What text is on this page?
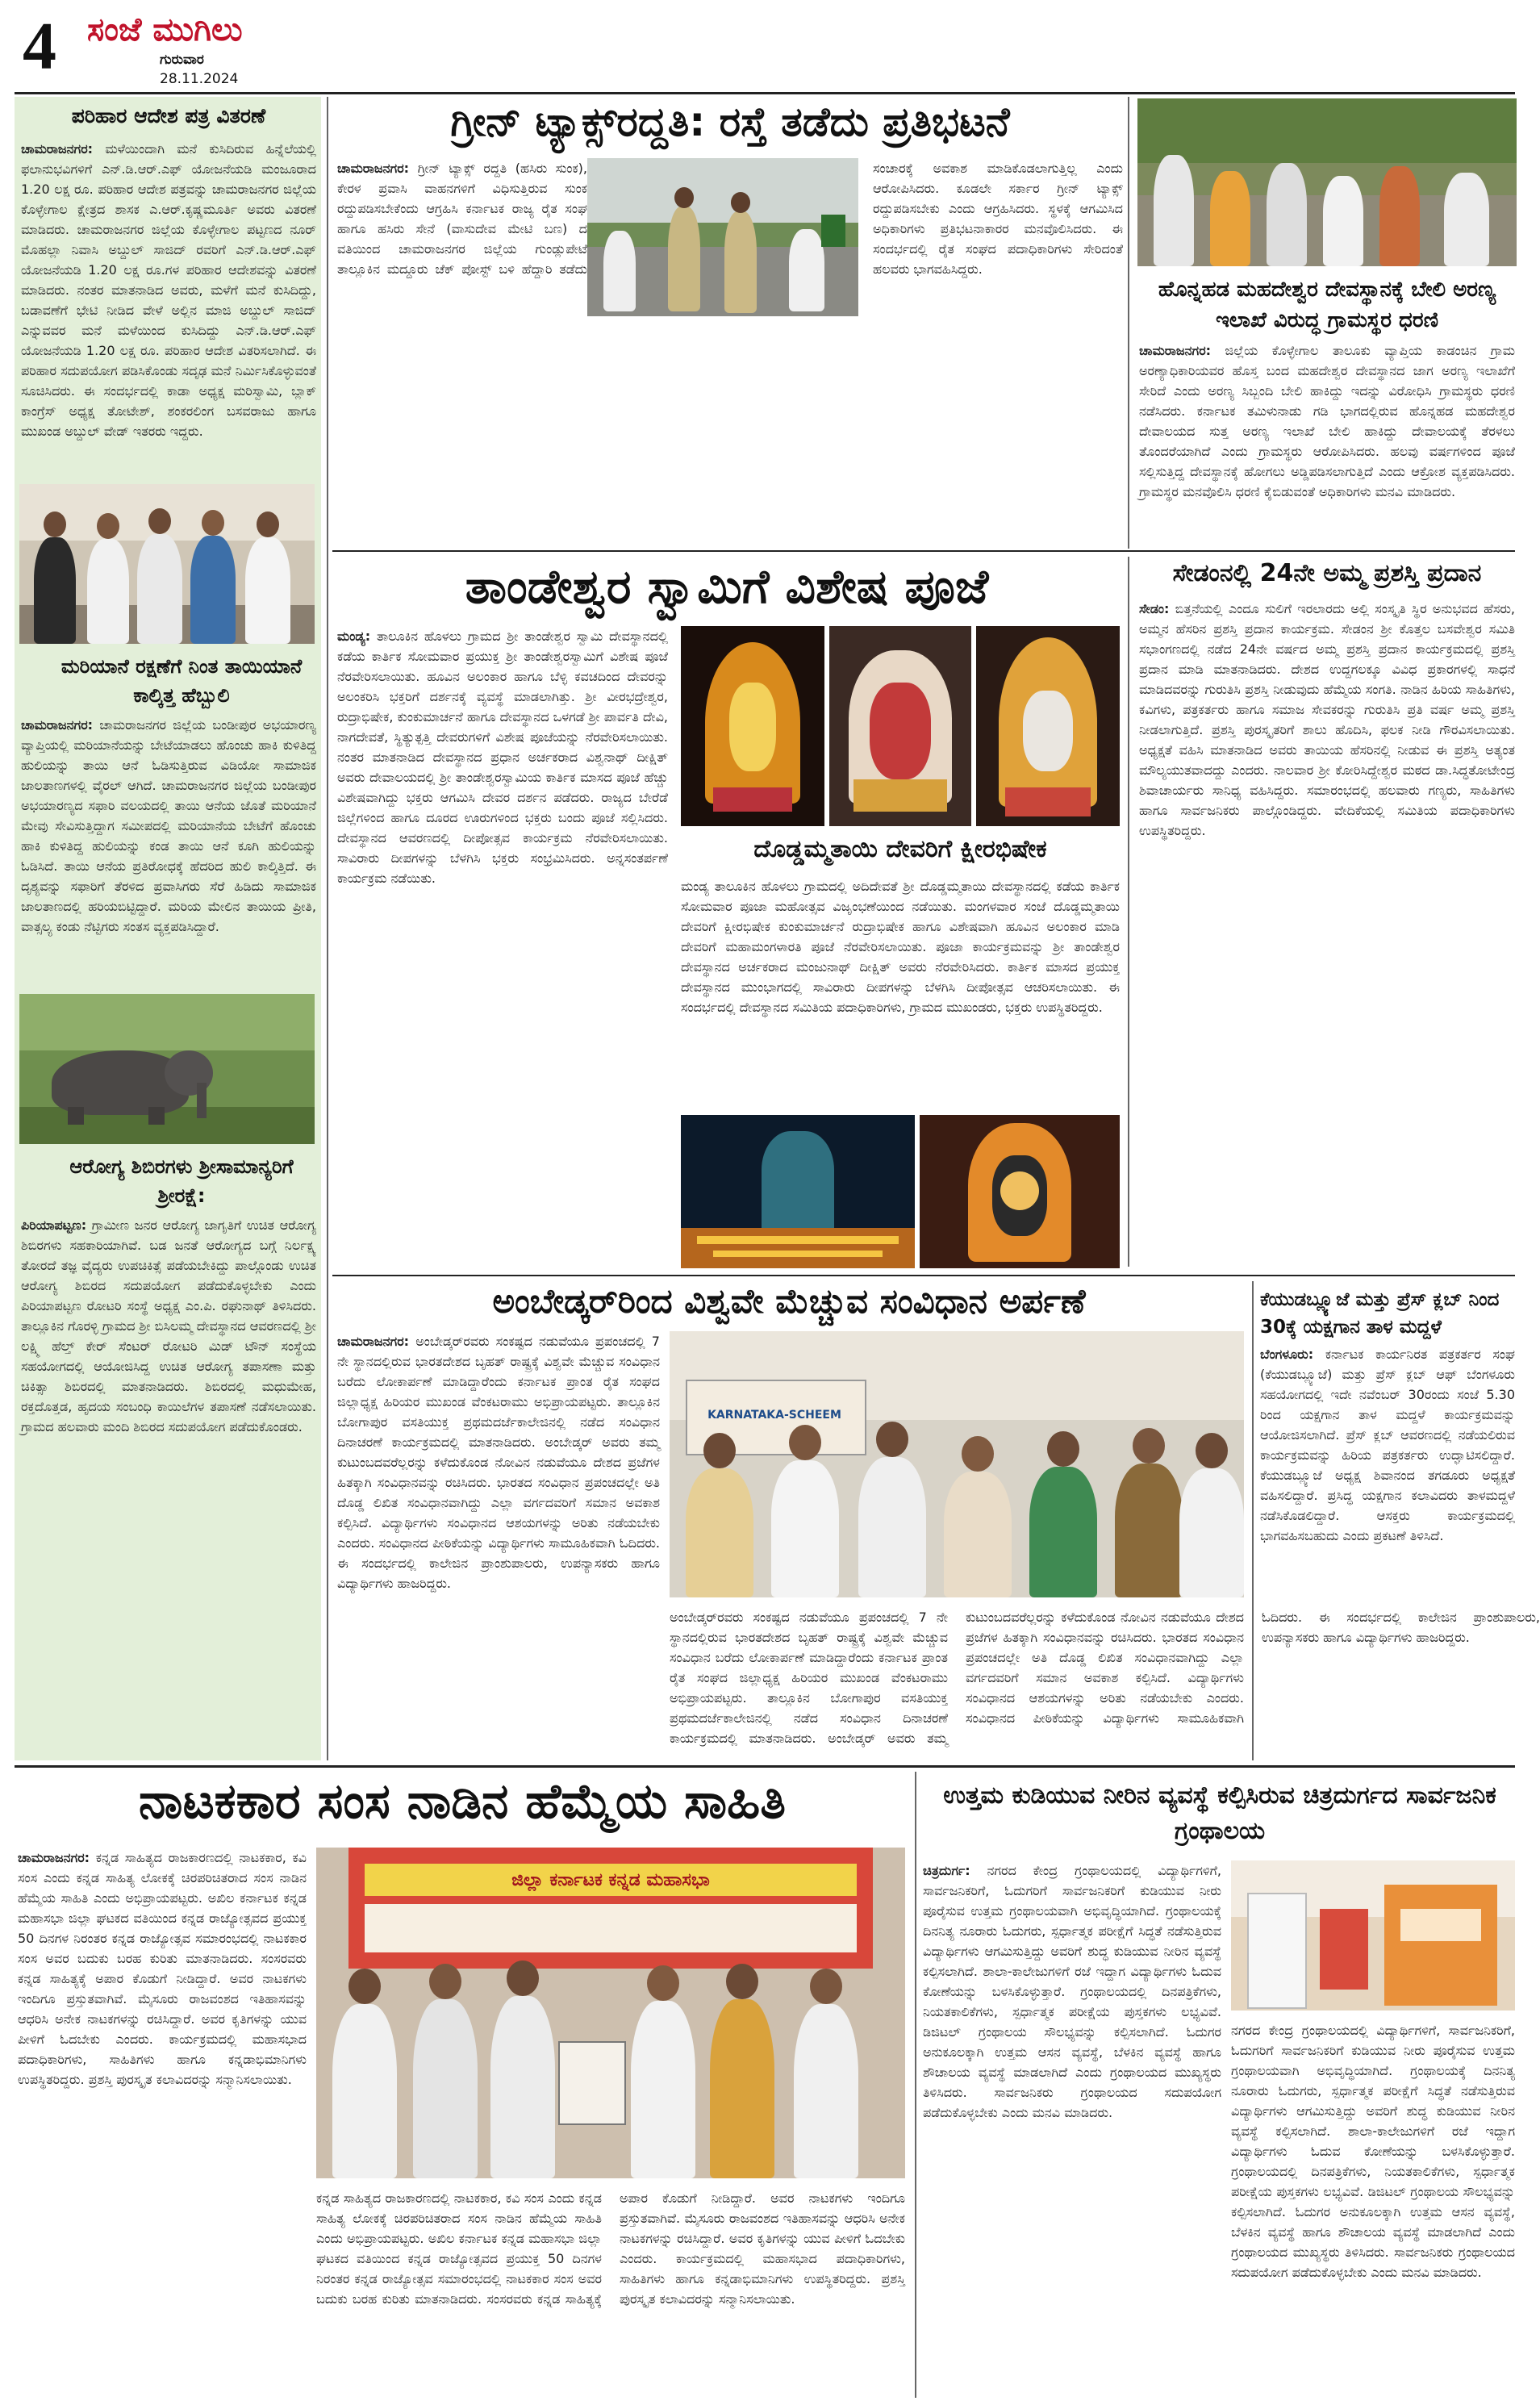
4 ಸಂಜೆ ಮುಗಿಲು
ಗುರುವಾರ
28.11.2024
ಪರಿಹಾರ ಆದೇಶ ಪತ್ರ ವಿತರಣೆ
ಚಾಮರಾಜನಗರ: ಮಳೆಯಿಂದಾಗಿ ಮನೆ ಕುಸಿದಿರುವ ಹಿನ್ನೆಲೆಯಲ್ಲಿ ಫಲಾನುಭವಿಗಳಿಗೆ ಎನ್.ಡಿ.ಆರ್.ಎಫ್ ಯೋಜನೆಯಡಿ ಮಂಜೂರಾದ 1.20 ಲಕ್ಷ ರೂ. ಪರಿಹಾರ ಆದೇಶ ಪತ್ರವನ್ನು ಚಾಮರಾಜನಗರ ಜಿಲ್ಲೆಯ ಕೊಳ್ಳೇಗಾಲ ಕ್ಷೇತ್ರದ ಶಾಸಕ ಎ.ಆರ್.ಕೃಷ್ಣಮೂರ್ತಿ ಅವರು ವಿತರಣೆ ಮಾಡಿದರು. ಚಾಮರಾಜನಗರ ಜಿಲ್ಲೆಯ ಕೊಳ್ಳೇಗಾಲ ಪಟ್ಟಣದ ನೂರ್ ಮೊಹಲ್ಲಾ ನಿವಾಸಿ ಅಬ್ದುಲ್ ಸಾಜಿದ್ ರವರಿಗೆ ಎನ್.ಡಿ.ಆರ್.ಎಫ್ ಯೋಜನೆಯಡಿ 1.20 ಲಕ್ಷ ರೂ.ಗಳ ಪರಿಹಾರ ಆದೇಶವನ್ನು ವಿತರಣೆ ಮಾಡಿದರು. ನಂತರ ಮಾತನಾಡಿದ ಅವರು, ಮಳೆಗೆ ಮನೆ ಕುಸಿದಿದ್ದು, ಬಡಾವಣೆಗೆ ಭೇಟಿ ನೀಡಿದ ವೇಳೆ ಅಲ್ಲಿನ ಮಾಜಿ ಅಬ್ದುಲ್ ಸಾಜಿದ್ ಎನ್ನುವವರ ಮನೆ ಮಳೆಯಿಂದ ಕುಸಿದಿದ್ದು ಎನ್.ಡಿ.ಆರ್.ಎಫ್ ಯೋಜನೆಯಡಿ 1.20 ಲಕ್ಷ ರೂ. ಪರಿಹಾರ ಆದೇಶ ವಿತರಿಸಲಾಗಿದೆ. ಈ ಪರಿಹಾರ ಸದುಪಯೋಗ ಪಡಿಸಿಕೊಂಡು ಸದೃಢ ಮನೆ ನಿರ್ಮಿಸಿಕೊಳ್ಳುವಂತೆ ಸೂಚಿಸಿದರು. ಈ ಸಂದರ್ಭದಲ್ಲಿ ಕಾಡಾ ಅಧ್ಯಕ್ಷ ಮರಿಸ್ವಾಮಿ, ಬ್ಲಾಕ್ ಕಾಂಗ್ರೆಸ್ ಅಧ್ಯಕ್ಷ ತೋಟೇಶ್, ಶಂಕರಲಿಂಗ ಬಸವರಾಜು ಹಾಗೂ ಮುಖಂಡ ಅಬ್ದುಲ್ ವೇಡ್ ಇತರರು ಇದ್ದರು.
ಮರಿಯಾನೆ ರಕ್ಷಣೆಗೆ ನಿಂತ ತಾಯಿಯಾನೆ ಕಾಲ್ಕಿತ್ತ ಹೆಬ್ಬುಲಿ
ಚಾಮರಾಜನಗರ: ಚಾಮರಾಜನಗರ ಜಿಲ್ಲೆಯ ಬಂಡೀಪುರ ಅಭಯಾರಣ್ಯ ವ್ಯಾಪ್ತಿಯಲ್ಲಿ ಮರಿಯಾನೆಯನ್ನು ಬೇಟೆಯಾಡಲು ಹೊಂಚು ಹಾಕಿ ಕುಳಿತಿದ್ದ ಹುಲಿಯನ್ನು ತಾಯಿ ಆನೆ ಓಡಿಸುತ್ತಿರುವ ವಿಡಿಯೋ ಸಾಮಾಜಿಕ ಜಾಲತಾಣಗಳಲ್ಲಿ ವೈರಲ್ ಆಗಿದೆ. ಚಾಮರಾಜನಗರ ಜಿಲ್ಲೆಯ ಬಂಡೀಪುರ ಅಭಯಾರಣ್ಯದ ಸಫಾರಿ ವಲಯದಲ್ಲಿ ತಾಯಿ ಆನೆಯ ಜೊತೆ ಮರಿಯಾನೆ ಮೇವು ಸೇವಿಸುತ್ತಿದ್ದಾಗ ಸಮೀಪದಲ್ಲಿ ಮರಿಯಾನೆಯ ಬೇಟೆಗೆ ಹೊಂಚು ಹಾಕಿ ಕುಳಿತಿದ್ದ ಹುಲಿಯನ್ನು ಕಂಡ ತಾಯಿ ಆನೆ ಕೂಗಿ ಹುಲಿಯನ್ನು ಓಡಿಸಿದೆ. ತಾಯಿ ಆನೆಯ ಪ್ರತಿರೋಧಕ್ಕೆ ಹೆದರಿದ ಹುಲಿ ಕಾಲ್ಕಿತ್ತಿದೆ. ಈ ದೃಶ್ಯವನ್ನು ಸಫಾರಿಗೆ ತೆರಳಿದ ಪ್ರವಾಸಿಗರು ಸೆರೆ ಹಿಡಿದು ಸಾಮಾಜಿಕ ಜಾಲತಾಣದಲ್ಲಿ ಹರಿಯಬಿಟ್ಟಿದ್ದಾರೆ. ಮರಿಯ ಮೇಲಿನ ತಾಯಿಯ ಪ್ರೀತಿ, ವಾತ್ಸಲ್ಯ ಕಂಡು ನೆಟ್ಟಿಗರು ಸಂತಸ ವ್ಯಕ್ತಪಡಿಸಿದ್ದಾರೆ.
ಆರೋಗ್ಯ ಶಿಬಿರಗಳು ಶ್ರೀಸಾಮಾನ್ಯರಿಗೆ ಶ್ರೀರಕ್ಷೆ:
ಪಿರಿಯಾಪಟ್ಟಣ: ಗ್ರಾಮೀಣ ಜನರ ಆರೋಗ್ಯ ಜಾಗೃತಿಗೆ ಉಚಿತ ಆರೋಗ್ಯ ಶಿಬಿರಗಳು ಸಹಕಾರಿಯಾಗಿವೆ. ಬಡ ಜನತೆ ಆರೋಗ್ಯದ ಬಗ್ಗೆ ನಿರ್ಲಕ್ಷ್ಯ ತೋರದೆ ತಜ್ಞ ವೈದ್ಯರು ಉಪಚಿಕಿತ್ಸೆ ಪಡೆಯಬೇಕಿದ್ದು ಪಾಲ್ಗೊಂಡು ಉಚಿತ ಆರೋಗ್ಯ ಶಿಬಿರದ ಸದುಪಯೋಗ ಪಡೆದುಕೊಳ್ಳಬೇಕು ಎಂದು ಪಿರಿಯಾಪಟ್ಟಣ ರೋಟರಿ ಸಂಸ್ಥೆ ಅಧ್ಯಕ್ಷ ಎಂ.ಪಿ. ರಘುನಾಥ್ ತಿಳಿಸಿದರು. ತಾಲ್ಲೂಕಿನ ಗೊರಳ್ಳಿ ಗ್ರಾಮದ ಶ್ರೀ ಬಿಸಿಲಮ್ಮ ದೇವಸ್ಥಾನದ ಆವರಣದಲ್ಲಿ ಶ್ರೀ ಲಕ್ಷ್ಮಿ ಹೆಲ್ತ್ ಕೇರ್ ಸೆಂಟರ್ ರೋಟರಿ ಮಿಡ್ ಟೌನ್ ಸಂಸ್ಥೆಯ ಸಹಯೋಗದಲ್ಲಿ ಆಯೋಜಿಸಿದ್ದ ಉಚಿತ ಆರೋಗ್ಯ ತಪಾಸಣಾ ಮತ್ತು ಚಿಕಿತ್ಸಾ ಶಿಬಿರದಲ್ಲಿ ಮಾತನಾಡಿದರು. ಶಿಬಿರದಲ್ಲಿ ಮಧುಮೇಹ, ರಕ್ತದೊತ್ತಡ, ಹೃದಯ ಸಂಬಂಧಿ ಕಾಯಿಲೆಗಳ ತಪಾಸಣೆ ನಡೆಸಲಾಯಿತು. ಗ್ರಾಮದ ಹಲವಾರು ಮಂದಿ ಶಿಬಿರದ ಸದುಪಯೋಗ ಪಡೆದುಕೊಂಡರು.
ಗ್ರೀನ್ ಟ್ಯಾಕ್ಸ್‌ರದ್ದತಿ: ರಸ್ತೆ ತಡೆದು ಪ್ರತಿಭಟನೆ
ಚಾಮರಾಜನಗರ: ಗ್ರೀನ್ ಟ್ಯಾಕ್ಸ್ ರದ್ದತಿ (ಹಸಿರು ಸುಂಕ), ಕೇರಳ ಪ್ರವಾಸಿ ವಾಹನಗಳಿಗೆ ವಿಧಿಸುತ್ತಿರುವ ಸುಂಕ ರದ್ದುಪಡಿಸಬೇಕೆಂದು ಆಗ್ರಹಿಸಿ ಕರ್ನಾಟಕ ರಾಜ್ಯ ರೈತ ಸಂಘ ಹಾಗೂ ಹಸಿರು ಸೇನೆ (ವಾಸುದೇವ ಮೇಟಿ ಬಣ) ದ ವತಿಯಿಂದ ಚಾಮರಾಜನಗರ ಜಿಲ್ಲೆಯ ಗುಂಡ್ಲುಪೇಟೆ ತಾಲ್ಲೂಕಿನ ಮದ್ದೂರು ಚೆಕ್ ಪೋಸ್ಟ್ ಬಳಿ ಹೆದ್ದಾರಿ ತಡೆದು ಸಂಚಾರಕ್ಕೆ ಅವಕಾಶ ಮಾಡಿಕೊಡಲಾಗುತ್ತಿಲ್ಲ ಎಂದು ಆರೋಪಿಸಿದರು. ಕೂಡಲೇ ಸರ್ಕಾರ ಗ್ರೀನ್ ಟ್ಯಾಕ್ಸ್ ರದ್ದುಪಡಿಸಬೇಕು ಎಂದು ಆಗ್ರಹಿಸಿದರು. ಸ್ಥಳಕ್ಕೆ ಆಗಮಿಸಿದ ಅಧಿಕಾರಿಗಳು ಪ್ರತಿಭಟನಾಕಾರರ ಮನವೊಲಿಸಿದರು. ಈ ಸಂದರ್ಭದಲ್ಲಿ ರೈತ ಸಂಘದ ಪದಾಧಿಕಾರಿಗಳು ಸೇರಿದಂತೆ ಹಲವರು ಭಾಗವಹಿಸಿದ್ದರು.
ಹೊನ್ನಹಡ ಮಹದೇಶ್ವರ ದೇವಸ್ಥಾನಕ್ಕೆ ಬೇಲಿ ಅರಣ್ಯ ಇಲಾಖೆ ವಿರುದ್ಧ ಗ್ರಾಮಸ್ಥರ ಧರಣಿ
ಚಾಮರಾಜನಗರ: ಜಿಲ್ಲೆಯ ಕೊಳ್ಳೇಗಾಲ ತಾಲೂಕು ವ್ಯಾಪ್ತಿಯ ಕಾಡಂಚಿನ ಗ್ರಾಮ ಅರಣ್ಯಾಧಿಕಾರಿಯವರ ಹೊಸ್ತ ಬಂದ ಮಹದೇಶ್ವರ ದೇವಸ್ಥಾನದ ಜಾಗ ಅರಣ್ಯ ಇಲಾಖೆಗೆ ಸೇರಿದೆ ಎಂದು ಅರಣ್ಯ ಸಿಬ್ಬಂದಿ ಬೇಲಿ ಹಾಕಿದ್ದು ಇದನ್ನು ವಿರೋಧಿಸಿ ಗ್ರಾಮಸ್ಥರು ಧರಣಿ ನಡೆಸಿದರು. ಕರ್ನಾಟಕ ತಮಿಳುನಾಡು ಗಡಿ ಭಾಗದಲ್ಲಿರುವ ಹೊನ್ನಹಡ ಮಹದೇಶ್ವರ ದೇವಾಲಯದ ಸುತ್ತ ಅರಣ್ಯ ಇಲಾಖೆ ಬೇಲಿ ಹಾಕಿದ್ದು ದೇವಾಲಯಕ್ಕೆ ತೆರಳಲು ತೊಂದರೆಯಾಗಿದೆ ಎಂದು ಗ್ರಾಮಸ್ಥರು ಆರೋಪಿಸಿದರು. ಹಲವು ವರ್ಷಗಳಿಂದ ಪೂಜೆ ಸಲ್ಲಿಸುತ್ತಿದ್ದ ದೇವಸ್ಥಾನಕ್ಕೆ ಹೋಗಲು ಅಡ್ಡಿಪಡಿಸಲಾಗುತ್ತಿದೆ ಎಂದು ಆಕ್ರೋಶ ವ್ಯಕ್ತಪಡಿಸಿದರು. ಗ್ರಾಮಸ್ಥರ ಮನವೊಲಿಸಿ ಧರಣಿ ಕೈಬಿಡುವಂತೆ ಅಧಿಕಾರಿಗಳು ಮನವಿ ಮಾಡಿದರು.
ತಾಂಡೇಶ್ವರ ಸ್ವಾಮಿಗೆ ವಿಶೇಷ ಪೂಜೆ
ಮಂಡ್ಯ: ತಾಲೂಕಿನ ಹೊಳಲು ಗ್ರಾಮದ ಶ್ರೀ ತಾಂಡೇಶ್ವರ ಸ್ವಾಮಿ ದೇವಸ್ಥಾನದಲ್ಲಿ ಕಡೆಯ ಕಾರ್ತಿಕ ಸೋಮವಾರ ಪ್ರಯುಕ್ತ ಶ್ರೀ ತಾಂಡೇಶ್ವರಸ್ವಾಮಿಗೆ ವಿಶೇಷ ಪೂಜೆ ನೆರವೇರಿಸಲಾಯಿತು. ಹೂವಿನ ಅಲಂಕಾರ ಹಾಗೂ ಬೆಳ್ಳಿ ಕವಚದಿಂದ ದೇವರನ್ನು ಅಲಂಕರಿಸಿ ಭಕ್ತರಿಗೆ ದರ್ಶನಕ್ಕೆ ವ್ಯವಸ್ಥೆ ಮಾಡಲಾಗಿತ್ತು. ಶ್ರೀ ವೀರಭದ್ರೇಶ್ವರ, ರುದ್ರಾಭಿಷೇಕ, ಕುಂಕುಮಾರ್ಚನೆ ಹಾಗೂ ದೇವಸ್ಥಾನದ ಒಳಗಡೆ ಶ್ರೀ ಪಾರ್ವತಿ ದೇವಿ, ನಾಗದೇವತೆ, ಸ್ಥಿತ್ಯುತ್ಪತ್ತಿ ದೇವರುಗಳಿಗೆ ವಿಶೇಷ ಪೂಜೆಯನ್ನು ನೆರವೇರಿಸಲಾಯಿತು. ನಂತರ ಮಾತನಾಡಿದ ದೇವಸ್ಥಾನದ ಪ್ರಧಾನ ಅರ್ಚಕರಾದ ವಿಶ್ವನಾಥ್ ದೀಕ್ಷಿತ್ ಅವರು ದೇವಾಲಯದಲ್ಲಿ ಶ್ರೀ ತಾಂಡೇಶ್ವರಸ್ವಾಮಿಯ ಕಾರ್ತಿಕ ಮಾಸದ ಪೂಜೆ ಹೆಚ್ಚು ವಿಶೇಷವಾಗಿದ್ದು ಭಕ್ತರು ಆಗಮಿಸಿ ದೇವರ ದರ್ಶನ ಪಡೆದರು. ರಾಜ್ಯದ ಬೇರೆಡೆ ಜಿಲ್ಲೆಗಳಿಂದ ಹಾಗೂ ದೂರದ ಊರುಗಳಿಂದ ಭಕ್ತರು ಬಂದು ಪೂಜೆ ಸಲ್ಲಿಸಿದರು. ದೇವಸ್ಥಾನದ ಆವರಣದಲ್ಲಿ ದೀಪೋತ್ಸವ ಕಾರ್ಯಕ್ರಮ ನೆರವೇರಿಸಲಾಯಿತು. ಸಾವಿರಾರು ದೀಪಗಳನ್ನು ಬೆಳಗಿಸಿ ಭಕ್ತರು ಸಂಭ್ರಮಿಸಿದರು. ಅನ್ನಸಂತರ್ಪಣೆ ಕಾರ್ಯಕ್ರಮ ನಡೆಯಿತು.
ದೊಡ್ಡಮ್ಮತಾಯಿ ದೇವರಿಗೆ ಕ್ಷೀರಭಿಷೇಕ
ಮಂಡ್ಯ ತಾಲೂಕಿನ ಹೊಳಲು ಗ್ರಾಮದಲ್ಲಿ ಅದಿದೇವತೆ ಶ್ರೀ ದೊಡ್ಡಮ್ಮತಾಯಿ ದೇವಸ್ಥಾನದಲ್ಲಿ ಕಡೆಯ ಕಾರ್ತಿಕ ಸೋಮವಾರ ಪೂಜಾ ಮಹೋತ್ಸವ ವಿಜೃಂಭಣೆಯಿಂದ ನಡೆಯಿತು. ಮಂಗಳವಾರ ಸಂಜೆ ದೊಡ್ಡಮ್ಮತಾಯಿ ದೇವರಿಗೆ ಕ್ಷೀರಭಿಷೇಕ ಕುಂಕುಮಾರ್ಚನೆ ರುದ್ರಾಭಿಷೇಕ ಹಾಗೂ ವಿಶೇಷವಾಗಿ ಹೂವಿನ ಅಲಂಕಾರ ಮಾಡಿ ದೇವರಿಗೆ ಮಹಾಮಂಗಳಾರತಿ ಪೂಜೆ ನೆರವೇರಿಸಲಾಯಿತು. ಪೂಜಾ ಕಾರ್ಯಕ್ರಮವನ್ನು ಶ್ರೀ ತಾಂಡೇಶ್ವರ ದೇವಸ್ಥಾನದ ಅರ್ಚಕರಾದ ಮಂಜುನಾಥ್ ದೀಕ್ಷಿತ್ ಅವರು ನೆರವೇರಿಸಿದರು. ಕಾರ್ತಿಕ ಮಾಸದ ಪ್ರಯುಕ್ತ ದೇವಸ್ಥಾನದ ಮುಂಭಾಗದಲ್ಲಿ ಸಾವಿರಾರು ದೀಪಗಳನ್ನು ಬೆಳಗಿಸಿ ದೀಪೋತ್ಸವ ಆಚರಿಸಲಾಯಿತು. ಈ ಸಂದರ್ಭದಲ್ಲಿ ದೇವಸ್ಥಾನದ ಸಮಿತಿಯ ಪದಾಧಿಕಾರಿಗಳು, ಗ್ರಾಮದ ಮುಖಂಡರು, ಭಕ್ತರು ಉಪಸ್ಥಿತರಿದ್ದರು.
ಸೇಡಂನಲ್ಲಿ 24ನೇ ಅಮ್ಮ ಪ್ರಶಸ್ತಿ ಪ್ರದಾನ
ಸೇಡಂ: ಬಿತ್ತನೆಯಲ್ಲಿ ಎಂದೂ ಸುಲಿಗೆ ಇರಲಾರದು ಅಲ್ಲಿ ಸಂಸ್ಕೃತಿ ಸ್ಥಿರ ಅನುಭವದ ಹೆಸರು, ಅಮ್ಮನ ಹೆಸರಿನ ಪ್ರಶಸ್ತಿ ಪ್ರದಾನ ಕಾರ್ಯಕ್ರಮ. ಸೇಡಂನ ಶ್ರೀ ಕೊತ್ತಲ ಬಸವೇಶ್ವರ ಸಮಿತಿ ಸಭಾಂಗಣದಲ್ಲಿ ನಡೆದ 24ನೇ ವರ್ಷದ ಅಮ್ಮ ಪ್ರಶಸ್ತಿ ಪ್ರದಾನ ಕಾರ್ಯಕ್ರಮದಲ್ಲಿ ಪ್ರಶಸ್ತಿ ಪ್ರದಾನ ಮಾಡಿ ಮಾತನಾಡಿದರು. ದೇಶದ ಉದ್ದಗಲಕ್ಕೂ ವಿವಿಧ ಪ್ರಕಾರಗಳಲ್ಲಿ ಸಾಧನೆ ಮಾಡಿದವರನ್ನು ಗುರುತಿಸಿ ಪ್ರಶಸ್ತಿ ನೀಡುವುದು ಹೆಮ್ಮೆಯ ಸಂಗತಿ. ನಾಡಿನ ಹಿರಿಯ ಸಾಹಿತಿಗಳು, ಕವಿಗಳು, ಪತ್ರಕರ್ತರು ಹಾಗೂ ಸಮಾಜ ಸೇವಕರನ್ನು ಗುರುತಿಸಿ ಪ್ರತಿ ವರ್ಷ ಅಮ್ಮ ಪ್ರಶಸ್ತಿ ನೀಡಲಾಗುತ್ತಿದೆ. ಪ್ರಶಸ್ತಿ ಪುರಸ್ಕೃತರಿಗೆ ಶಾಲು ಹೊದಿಸಿ, ಫಲಕ ನೀಡಿ ಗೌರವಿಸಲಾಯಿತು. ಅಧ್ಯಕ್ಷತೆ ವಹಿಸಿ ಮಾತನಾಡಿದ ಅವರು ತಾಯಿಯ ಹೆಸರಿನಲ್ಲಿ ನೀಡುವ ಈ ಪ್ರಶಸ್ತಿ ಅತ್ಯಂತ ಮೌಲ್ಯಯುತವಾದದ್ದು ಎಂದರು. ನಾಲವಾರ ಶ್ರೀ ಕೋರಿಸಿದ್ದೇಶ್ವರ ಮಠದ ಡಾ.ಸಿದ್ಧತೋಟೇಂದ್ರ ಶಿವಾಚಾರ್ಯರು ಸಾನಿಧ್ಯ ವಹಿಸಿದ್ದರು. ಸಮಾರಂಭದಲ್ಲಿ ಹಲವಾರು ಗಣ್ಯರು, ಸಾಹಿತಿಗಳು ಹಾಗೂ ಸಾರ್ವಜನಿಕರು ಪಾಲ್ಗೊಂಡಿದ್ದರು. ವೇದಿಕೆಯಲ್ಲಿ ಸಮಿತಿಯ ಪದಾಧಿಕಾರಿಗಳು ಉಪಸ್ಥಿತರಿದ್ದರು.
ಅಂಬೇಡ್ಕರ್‌ರಿಂದ ವಿಶ್ವವೇ ಮೆಚ್ಚುವ ಸಂವಿಧಾನ ಅರ್ಪಣೆ
ಚಾಮರಾಜನಗರ: ಅಂಬೇಡ್ಕರ್‌ರವರು ಸಂಕಷ್ಟದ ನಡುವೆಯೂ ಪ್ರಪಂಚದಲ್ಲಿ 7 ನೇ ಸ್ಥಾನದಲ್ಲಿರುವ ಭಾರತದೇಶದ ಬೃಹತ್ ರಾಷ್ಟ್ರಕ್ಕೆ ವಿಶ್ವವೇ ಮೆಚ್ಚುವ ಸಂವಿಧಾನ ಬರೆದು ಲೋಕಾರ್ಪಣೆ ಮಾಡಿದ್ದಾರೆಂದು ಕರ್ನಾಟಕ ಪ್ರಾಂತ ರೈತ ಸಂಘದ ಜಿಲ್ಲಾಧ್ಯಕ್ಷ ಹಿರಿಯರ ಮುಖಂಡ ವೆಂಕಟರಾಮು ಅಭಿಪ್ರಾಯಪಟ್ಟರು. ತಾಲ್ಲೂಕಿನ ಬೋಗಾಪುರ ವಸತಿಯುಕ್ತ ಪ್ರಥಮದರ್ಜೆಕಾಲೇಜಿನಲ್ಲಿ ನಡೆದ ಸಂವಿಧಾನ ದಿನಾಚರಣೆ ಕಾರ್ಯಕ್ರಮದಲ್ಲಿ ಮಾತನಾಡಿದರು. ಅಂಬೇಡ್ಕರ್ ಅವರು ತಮ್ಮ ಕುಟುಂಬದವರೆಲ್ಲರನ್ನು ಕಳೆದುಕೊಂಡ ನೋವಿನ ನಡುವೆಯೂ ದೇಶದ ಪ್ರಜೆಗಳ ಹಿತಕ್ಕಾಗಿ ಸಂವಿಧಾನವನ್ನು ರಚಿಸಿದರು. ಭಾರತದ ಸಂವಿಧಾನ ಪ್ರಪಂಚದಲ್ಲೇ ಅತಿ ದೊಡ್ಡ ಲಿಖಿತ ಸಂವಿಧಾನವಾಗಿದ್ದು ಎಲ್ಲಾ ವರ್ಗದವರಿಗೆ ಸಮಾನ ಅವಕಾಶ ಕಲ್ಪಿಸಿದೆ. ವಿದ್ಯಾರ್ಥಿಗಳು ಸಂವಿಧಾನದ ಆಶಯಗಳನ್ನು ಅರಿತು ನಡೆಯಬೇಕು ಎಂದರು. ಸಂವಿಧಾನದ ಪೀಠಿಕೆಯನ್ನು ವಿದ್ಯಾರ್ಥಿಗಳು ಸಾಮೂಹಿಕವಾಗಿ ಓದಿದರು. ಈ ಸಂದರ್ಭದಲ್ಲಿ ಕಾಲೇಜಿನ ಪ್ರಾಂಶುಪಾಲರು, ಉಪನ್ಯಾಸಕರು ಹಾಗೂ ವಿದ್ಯಾರ್ಥಿಗಳು ಹಾಜರಿದ್ದರು.
KARNATAKA-SCHEEM
ಅಂಬೇಡ್ಕರ್‌ರವರು ಸಂಕಷ್ಟದ ನಡುವೆಯೂ ಪ್ರಪಂಚದಲ್ಲಿ 7 ನೇ ಸ್ಥಾನದಲ್ಲಿರುವ ಭಾರತದೇಶದ ಬೃಹತ್ ರಾಷ್ಟ್ರಕ್ಕೆ ವಿಶ್ವವೇ ಮೆಚ್ಚುವ ಸಂವಿಧಾನ ಬರೆದು ಲೋಕಾರ್ಪಣೆ ಮಾಡಿದ್ದಾರೆಂದು ಕರ್ನಾಟಕ ಪ್ರಾಂತ ರೈತ ಸಂಘದ ಜಿಲ್ಲಾಧ್ಯಕ್ಷ ಹಿರಿಯರ ಮುಖಂಡ ವೆಂಕಟರಾಮು ಅಭಿಪ್ರಾಯಪಟ್ಟರು. ತಾಲ್ಲೂಕಿನ ಬೋಗಾಪುರ ವಸತಿಯುಕ್ತ ಪ್ರಥಮದರ್ಜೆಕಾಲೇಜಿನಲ್ಲಿ ನಡೆದ ಸಂವಿಧಾನ ದಿನಾಚರಣೆ ಕಾರ್ಯಕ್ರಮದಲ್ಲಿ ಮಾತನಾಡಿದರು. ಅಂಬೇಡ್ಕರ್ ಅವರು ತಮ್ಮ ಕುಟುಂಬದವರೆಲ್ಲರನ್ನು ಕಳೆದುಕೊಂಡ ನೋವಿನ ನಡುವೆಯೂ ದೇಶದ ಪ್ರಜೆಗಳ ಹಿತಕ್ಕಾಗಿ ಸಂವಿಧಾನವನ್ನು ರಚಿಸಿದರು. ಭಾರತದ ಸಂವಿಧಾನ ಪ್ರಪಂಚದಲ್ಲೇ ಅತಿ ದೊಡ್ಡ ಲಿಖಿತ ಸಂವಿಧಾನವಾಗಿದ್ದು ಎಲ್ಲಾ ವರ್ಗದವರಿಗೆ ಸಮಾನ ಅವಕಾಶ ಕಲ್ಪಿಸಿದೆ. ವಿದ್ಯಾರ್ಥಿಗಳು ಸಂವಿಧಾನದ ಆಶಯಗಳನ್ನು ಅರಿತು ನಡೆಯಬೇಕು ಎಂದರು. ಸಂವಿಧಾನದ ಪೀಠಿಕೆಯನ್ನು ವಿದ್ಯಾರ್ಥಿಗಳು ಸಾಮೂಹಿಕವಾಗಿ ಓದಿದರು. ಈ ಸಂದರ್ಭದಲ್ಲಿ ಕಾಲೇಜಿನ ಪ್ರಾಂಶುಪಾಲರು, ಉಪನ್ಯಾಸಕರು ಹಾಗೂ ವಿದ್ಯಾರ್ಥಿಗಳು ಹಾಜರಿದ್ದರು.
ಕೆಯುಡಬ್ಲ್ಯೂಜೆ ಮತ್ತು ಪ್ರೆಸ್ ಕ್ಲಬ್ ನಿಂದ 30ಕ್ಕೆ ಯಕ್ಷಗಾನ ತಾಳ ಮದ್ದಳೆ
ಬೆಂಗಳೂರು: ಕರ್ನಾಟಕ ಕಾರ್ಯನಿರತ ಪತ್ರಕರ್ತರ ಸಂಘ (ಕೆಯುಡಬ್ಲ್ಯೂಜೆ) ಮತ್ತು ಪ್ರೆಸ್ ಕ್ಲಬ್ ಆಫ್ ಬೆಂಗಳೂರು ಸಹಯೋಗದಲ್ಲಿ ಇದೇ ನವೆಂಬರ್ 30ರಂದು ಸಂಜೆ 5.30 ರಿಂದ ಯಕ್ಷಗಾನ ತಾಳ ಮದ್ದಳೆ ಕಾರ್ಯಕ್ರಮವನ್ನು ಆಯೋಜಿಸಲಾಗಿದೆ. ಪ್ರೆಸ್ ಕ್ಲಬ್ ಆವರಣದಲ್ಲಿ ನಡೆಯಲಿರುವ ಕಾರ್ಯಕ್ರಮವನ್ನು ಹಿರಿಯ ಪತ್ರಕರ್ತರು ಉದ್ಘಾಟಿಸಲಿದ್ದಾರೆ. ಕೆಯುಡಬ್ಲ್ಯೂಜೆ ಅಧ್ಯಕ್ಷ ಶಿವಾನಂದ ತಗಡೂರು ಅಧ್ಯಕ್ಷತೆ ವಹಿಸಲಿದ್ದಾರೆ. ಪ್ರಸಿದ್ಧ ಯಕ್ಷಗಾನ ಕಲಾವಿದರು ತಾಳಮದ್ದಳೆ ನಡೆಸಿಕೊಡಲಿದ್ದಾರೆ. ಆಸಕ್ತರು ಕಾರ್ಯಕ್ರಮದಲ್ಲಿ ಭಾಗವಹಿಸಬಹುದು ಎಂದು ಪ್ರಕಟಣೆ ತಿಳಿಸಿದೆ.
ನಾಟಕಕಾರ ಸಂಸ ನಾಡಿನ ಹೆಮ್ಮೆಯ ಸಾಹಿತಿ
ಚಾಮರಾಜನಗರ: ಕನ್ನಡ ಸಾಹಿತ್ಯದ ರಾಜಕಾರಣದಲ್ಲಿ ನಾಟಕಕಾರ, ಕವಿ ಸಂಸ ಎಂದು ಕನ್ನಡ ಸಾಹಿತ್ಯ ಲೋಕಕ್ಕೆ ಚಿರಪರಿಚಿತರಾದ ಸಂಸ ನಾಡಿನ ಹೆಮ್ಮೆಯ ಸಾಹಿತಿ ಎಂದು ಅಭಿಪ್ರಾಯಪಟ್ಟರು. ಅಖಿಲ ಕರ್ನಾಟಕ ಕನ್ನಡ ಮಹಾಸಭಾ ಜಿಲ್ಲಾ ಘಟಕದ ವತಿಯಿಂದ ಕನ್ನಡ ರಾಜ್ಯೋತ್ಸವದ ಪ್ರಯುಕ್ತ 50 ದಿನಗಳ ನಿರಂತರ ಕನ್ನಡ ರಾಜ್ಯೋತ್ಸವ ಸಮಾರಂಭದಲ್ಲಿ ನಾಟಕಕಾರ ಸಂಸ ಅವರ ಬದುಕು ಬರಹ ಕುರಿತು ಮಾತನಾಡಿದರು. ಸಂಸರವರು ಕನ್ನಡ ಸಾಹಿತ್ಯಕ್ಕೆ ಅಪಾರ ಕೊಡುಗೆ ನೀಡಿದ್ದಾರೆ. ಅವರ ನಾಟಕಗಳು ಇಂದಿಗೂ ಪ್ರಸ್ತುತವಾಗಿವೆ. ಮೈಸೂರು ರಾಜವಂಶದ ಇತಿಹಾಸವನ್ನು ಆಧರಿಸಿ ಅನೇಕ ನಾಟಕಗಳನ್ನು ರಚಿಸಿದ್ದಾರೆ. ಅವರ ಕೃತಿಗಳನ್ನು ಯುವ ಪೀಳಿಗೆ ಓದಬೇಕು ಎಂದರು. ಕಾರ್ಯಕ್ರಮದಲ್ಲಿ ಮಹಾಸಭಾದ ಪದಾಧಿಕಾರಿಗಳು, ಸಾಹಿತಿಗಳು ಹಾಗೂ ಕನ್ನಡಾಭಿಮಾನಿಗಳು ಉಪಸ್ಥಿತರಿದ್ದರು. ಪ್ರಶಸ್ತಿ ಪುರಸ್ಕೃತ ಕಲಾವಿದರನ್ನು ಸನ್ಮಾನಿಸಲಾಯಿತು.
ಜಿಲ್ಲಾ ಕರ್ನಾಟಕ ಕನ್ನಡ ಮಹಾಸಭಾ
ಕನ್ನಡ ಸಾಹಿತ್ಯದ ರಾಜಕಾರಣದಲ್ಲಿ ನಾಟಕಕಾರ, ಕವಿ ಸಂಸ ಎಂದು ಕನ್ನಡ ಸಾಹಿತ್ಯ ಲೋಕಕ್ಕೆ ಚಿರಪರಿಚಿತರಾದ ಸಂಸ ನಾಡಿನ ಹೆಮ್ಮೆಯ ಸಾಹಿತಿ ಎಂದು ಅಭಿಪ್ರಾಯಪಟ್ಟರು. ಅಖಿಲ ಕರ್ನಾಟಕ ಕನ್ನಡ ಮಹಾಸಭಾ ಜಿಲ್ಲಾ ಘಟಕದ ವತಿಯಿಂದ ಕನ್ನಡ ರಾಜ್ಯೋತ್ಸವದ ಪ್ರಯುಕ್ತ 50 ದಿನಗಳ ನಿರಂತರ ಕನ್ನಡ ರಾಜ್ಯೋತ್ಸವ ಸಮಾರಂಭದಲ್ಲಿ ನಾಟಕಕಾರ ಸಂಸ ಅವರ ಬದುಕು ಬರಹ ಕುರಿತು ಮಾತನಾಡಿದರು. ಸಂಸರವರು ಕನ್ನಡ ಸಾಹಿತ್ಯಕ್ಕೆ ಅಪಾರ ಕೊಡುಗೆ ನೀಡಿದ್ದಾರೆ. ಅವರ ನಾಟಕಗಳು ಇಂದಿಗೂ ಪ್ರಸ್ತುತವಾಗಿವೆ. ಮೈಸೂರು ರಾಜವಂಶದ ಇತಿಹಾಸವನ್ನು ಆಧರಿಸಿ ಅನೇಕ ನಾಟಕಗಳನ್ನು ರಚಿಸಿದ್ದಾರೆ. ಅವರ ಕೃತಿಗಳನ್ನು ಯುವ ಪೀಳಿಗೆ ಓದಬೇಕು ಎಂದರು. ಕಾರ್ಯಕ್ರಮದಲ್ಲಿ ಮಹಾಸಭಾದ ಪದಾಧಿಕಾರಿಗಳು, ಸಾಹಿತಿಗಳು ಹಾಗೂ ಕನ್ನಡಾಭಿಮಾನಿಗಳು ಉಪಸ್ಥಿತರಿದ್ದರು. ಪ್ರಶಸ್ತಿ ಪುರಸ್ಕೃತ ಕಲಾವಿದರನ್ನು ಸನ್ಮಾನಿಸಲಾಯಿತು.
ಉತ್ತಮ ಕುಡಿಯುವ ನೀರಿನ ವ್ಯವಸ್ಥೆ ಕಲ್ಪಿಸಿರುವ ಚಿತ್ರದುರ್ಗದ ಸಾರ್ವಜನಿಕ ಗ್ರಂಥಾಲಯ
ಚಿತ್ರದುರ್ಗ: ನಗರದ ಕೇಂದ್ರ ಗ್ರಂಥಾಲಯದಲ್ಲಿ ವಿದ್ಯಾರ್ಥಿಗಳಿಗೆ, ಸಾರ್ವಜನಿಕರಿಗೆ, ಓದುಗರಿಗೆ ಸಾರ್ವಜನಿಕರಿಗೆ ಕುಡಿಯುವ ನೀರು ಪೂರೈಸುವ ಉತ್ತಮ ಗ್ರಂಥಾಲಯವಾಗಿ ಅಭಿವೃದ್ಧಿಯಾಗಿದೆ. ಗ್ರಂಥಾಲಯಕ್ಕೆ ದಿನನಿತ್ಯ ನೂರಾರು ಓದುಗರು, ಸ್ಪರ್ಧಾತ್ಮಕ ಪರೀಕ್ಷೆಗೆ ಸಿದ್ಧತೆ ನಡೆಸುತ್ತಿರುವ ವಿದ್ಯಾರ್ಥಿಗಳು ಆಗಮಿಸುತ್ತಿದ್ದು ಅವರಿಗೆ ಶುದ್ಧ ಕುಡಿಯುವ ನೀರಿನ ವ್ಯವಸ್ಥೆ ಕಲ್ಪಿಸಲಾಗಿದೆ. ಶಾಲಾ-ಕಾಲೇಜುಗಳಿಗೆ ರಜೆ ಇದ್ದಾಗ ವಿದ್ಯಾರ್ಥಿಗಳು ಓದುವ ಕೋಣೆಯನ್ನು ಬಳಸಿಕೊಳ್ಳುತ್ತಾರೆ. ಗ್ರಂಥಾಲಯದಲ್ಲಿ ದಿನಪತ್ರಿಕೆಗಳು, ನಿಯತಕಾಲಿಕೆಗಳು, ಸ್ಪರ್ಧಾತ್ಮಕ ಪರೀಕ್ಷೆಯ ಪುಸ್ತಕಗಳು ಲಭ್ಯವಿವೆ. ಡಿಜಿಟಲ್ ಗ್ರಂಥಾಲಯ ಸೌಲಭ್ಯವನ್ನು ಕಲ್ಪಿಸಲಾಗಿದೆ. ಓದುಗರ ಅನುಕೂಲಕ್ಕಾಗಿ ಉತ್ತಮ ಆಸನ ವ್ಯವಸ್ಥೆ, ಬೆಳಕಿನ ವ್ಯವಸ್ಥೆ ಹಾಗೂ ಶೌಚಾಲಯ ವ್ಯವಸ್ಥೆ ಮಾಡಲಾಗಿದೆ ಎಂದು ಗ್ರಂಥಾಲಯದ ಮುಖ್ಯಸ್ಥರು ತಿಳಿಸಿದರು. ಸಾರ್ವಜನಿಕರು ಗ್ರಂಥಾಲಯದ ಸದುಪಯೋಗ ಪಡೆದುಕೊಳ್ಳಬೇಕು ಎಂದು ಮನವಿ ಮಾಡಿದರು.
ನಗರದ ಕೇಂದ್ರ ಗ್ರಂಥಾಲಯದಲ್ಲಿ ವಿದ್ಯಾರ್ಥಿಗಳಿಗೆ, ಸಾರ್ವಜನಿಕರಿಗೆ, ಓದುಗರಿಗೆ ಸಾರ್ವಜನಿಕರಿಗೆ ಕುಡಿಯುವ ನೀರು ಪೂರೈಸುವ ಉತ್ತಮ ಗ್ರಂಥಾಲಯವಾಗಿ ಅಭಿವೃದ್ಧಿಯಾಗಿದೆ. ಗ್ರಂಥಾಲಯಕ್ಕೆ ದಿನನಿತ್ಯ ನೂರಾರು ಓದುಗರು, ಸ್ಪರ್ಧಾತ್ಮಕ ಪರೀಕ್ಷೆಗೆ ಸಿದ್ಧತೆ ನಡೆಸುತ್ತಿರುವ ವಿದ್ಯಾರ್ಥಿಗಳು ಆಗಮಿಸುತ್ತಿದ್ದು ಅವರಿಗೆ ಶುದ್ಧ ಕುಡಿಯುವ ನೀರಿನ ವ್ಯವಸ್ಥೆ ಕಲ್ಪಿಸಲಾಗಿದೆ. ಶಾಲಾ-ಕಾಲೇಜುಗಳಿಗೆ ರಜೆ ಇದ್ದಾಗ ವಿದ್ಯಾರ್ಥಿಗಳು ಓದುವ ಕೋಣೆಯನ್ನು ಬಳಸಿಕೊಳ್ಳುತ್ತಾರೆ. ಗ್ರಂಥಾಲಯದಲ್ಲಿ ದಿನಪತ್ರಿಕೆಗಳು, ನಿಯತಕಾಲಿಕೆಗಳು, ಸ್ಪರ್ಧಾತ್ಮಕ ಪರೀಕ್ಷೆಯ ಪುಸ್ತಕಗಳು ಲಭ್ಯವಿವೆ. ಡಿಜಿಟಲ್ ಗ್ರಂಥಾಲಯ ಸೌಲಭ್ಯವನ್ನು ಕಲ್ಪಿಸಲಾಗಿದೆ. ಓದುಗರ ಅನುಕೂಲಕ್ಕಾಗಿ ಉತ್ತಮ ಆಸನ ವ್ಯವಸ್ಥೆ, ಬೆಳಕಿನ ವ್ಯವಸ್ಥೆ ಹಾಗೂ ಶೌಚಾಲಯ ವ್ಯವಸ್ಥೆ ಮಾಡಲಾಗಿದೆ ಎಂದು ಗ್ರಂಥಾಲಯದ ಮುಖ್ಯಸ್ಥರು ತಿಳಿಸಿದರು. ಸಾರ್ವಜನಿಕರು ಗ್ರಂಥಾಲಯದ ಸದುಪಯೋಗ ಪಡೆದುಕೊಳ್ಳಬೇಕು ಎಂದು ಮನವಿ ಮಾಡಿದರು.
